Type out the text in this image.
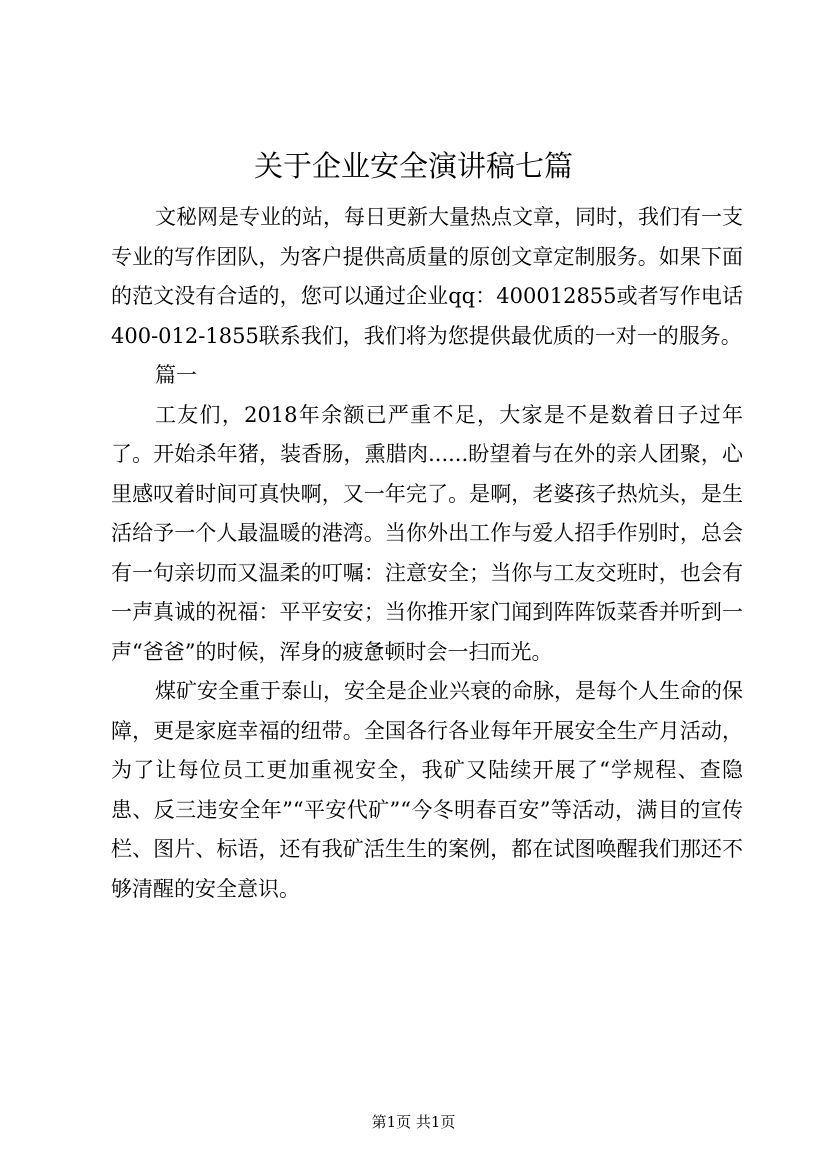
关于企业安全演讲稿七篇

文秘网是专业的站，每日更新大量热点文章，同时，我们有一支专业的写作团队，为客户提供高质量的原创文章定制服务。如果下面的范文没有合适的，您可以通过企业qq：400012855或者写作电话400-012-1855联系我们，我们将为您提供最优质的一对一的服务。

篇一

工友们，2018年余额已严重不足，大家是不是数着日子过年了。开始杀年猪，装香肠，熏腊肉......盼望着与在外的亲人团聚，心里感叹着时间可真快啊，又一年完了。是啊，老婆孩子热炕头，是生活给予一个人最温暖的港湾。当你外出工作与爱人招手作别时，总会有一句亲切而又温柔的叮嘱：注意安全；当你与工友交班时，也会有一声真诚的祝福：平平安安；当你推开家门闻到阵阵饭菜香并听到一声“爸爸”的时候，浑身的疲惫顿时会一扫而光。

煤矿安全重于泰山，安全是企业兴衰的命脉，是每个人生命的保障，更是家庭幸福的纽带。全国各行各业每年开展安全生产月活动，为了让每位员工更加重视安全，我矿又陆续开展了“学规程、查隐患、反三违安全年”“平安代矿”“今冬明春百安”等活动，满目的宣传栏、图片、标语，还有我矿活生生的案例，都在试图唤醒我们那还不够清醒的安全意识。

第1页 共1页
